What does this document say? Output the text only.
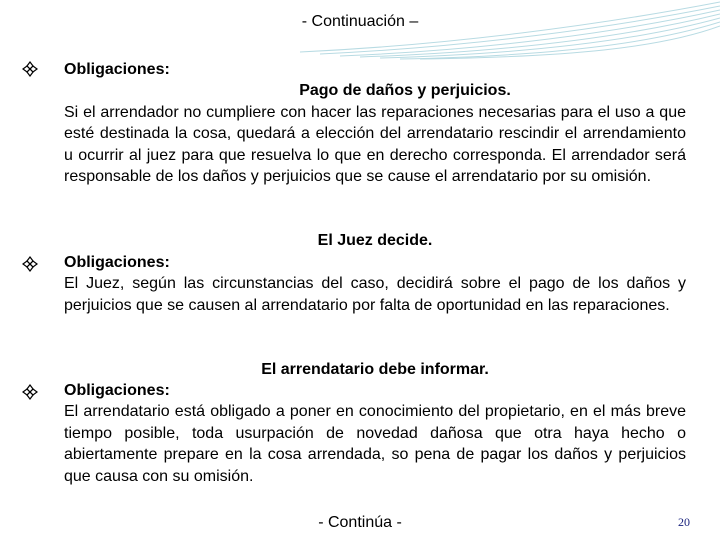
- Continuación –
Obligaciones:
Pago de daños y perjuicios.
Si el arrendador no cumpliere con hacer las reparaciones necesarias para el uso a que esté destinada la cosa, quedará a elección del arrendatario rescindir el arrendamiento u ocurrir al juez para que resuelva lo que en derecho corresponda. El arrendador será responsable de los daños y perjuicios que se cause el arrendatario por su omisión.
El Juez decide.
Obligaciones:
El Juez, según las circunstancias del caso, decidirá sobre el pago de los daños y perjuicios que se causen al arrendatario por falta de oportunidad en las reparaciones.
El arrendatario debe informar.
Obligaciones:
El arrendatario está obligado a poner en conocimiento del propietario, en el más breve tiempo posible, toda usurpación de novedad dañosa que otra haya hecho o abiertamente prepare en la cosa arrendada, so pena de pagar los daños y perjuicios que causa con su omisión.
- Continúa -	20
